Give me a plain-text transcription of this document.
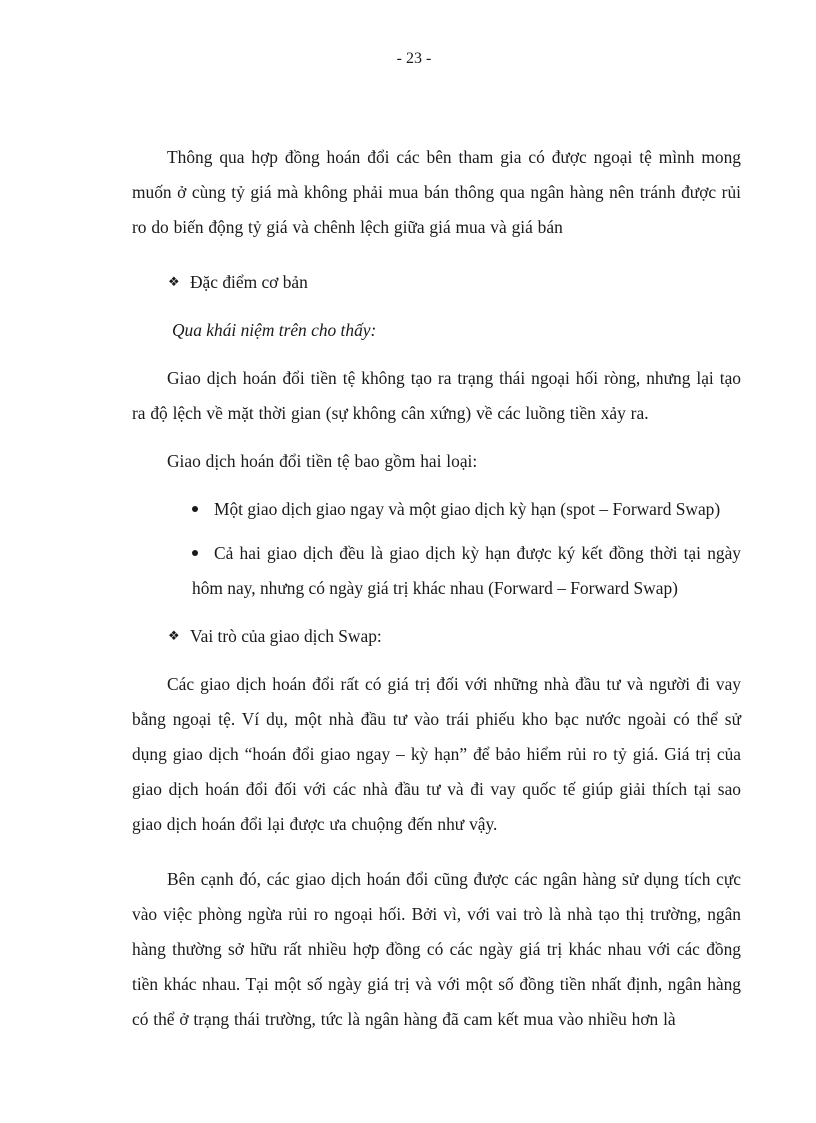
- 23 -

Thông qua hợp đồng hoán đổi các bên tham gia có được ngoại tệ mình mong muốn ở cùng tỷ giá mà không phải mua bán thông qua ngân hàng nên tránh được rủi ro do biến động tỷ giá và chênh lệch giữa giá mua và giá bán

❖ Đặc điểm cơ bản
Qua khái niệm trên cho thấy:

Giao dịch hoán đổi tiền tệ không tạo ra trạng thái ngoại hối ròng, nhưng lại tạo ra độ lệch về mặt thời gian (sự không cân xứng) về các luồng tiền xảy ra.

Giao dịch hoán đổi tiền tệ bao gồm hai loại:

Một giao dịch giao ngay và một giao dịch kỳ hạn (spot – Forward Swap)
Cả hai giao dịch đều là giao dịch kỳ hạn được ký kết đồng thời tại ngày hôm nay, nhưng có ngày giá trị khác nhau (Forward – Forward Swap)
❖ Vai trò của giao dịch Swap:

Các giao dịch hoán đổi rất có giá trị đối với những nhà đầu tư và người đi vay bằng ngoại tệ. Ví dụ, một nhà đầu tư vào trái phiếu kho bạc nước ngoài có thể sử dụng giao dịch “hoán đổi giao ngay – kỳ hạn” để bảo hiểm rủi ro tỷ giá. Giá trị của giao dịch hoán đổi đối với các nhà đầu tư và đi vay quốc tế giúp giải thích tại sao giao dịch hoán đổi lại được ưa chuộng đến như vậy.

Bên cạnh đó, các giao dịch hoán đổi cũng được các ngân hàng sử dụng tích cực vào việc phòng ngừa rủi ro ngoại hối. Bởi vì, với vai trò là nhà tạo thị trường, ngân hàng thường sở hữu rất nhiều hợp đồng có các ngày giá trị khác nhau với các đồng tiền khác nhau. Tại một số ngày giá trị và với một số đồng tiền nhất định, ngân hàng có thể ở trạng thái trường, tức là ngân hàng đã cam kết mua vào nhiều hơn là
